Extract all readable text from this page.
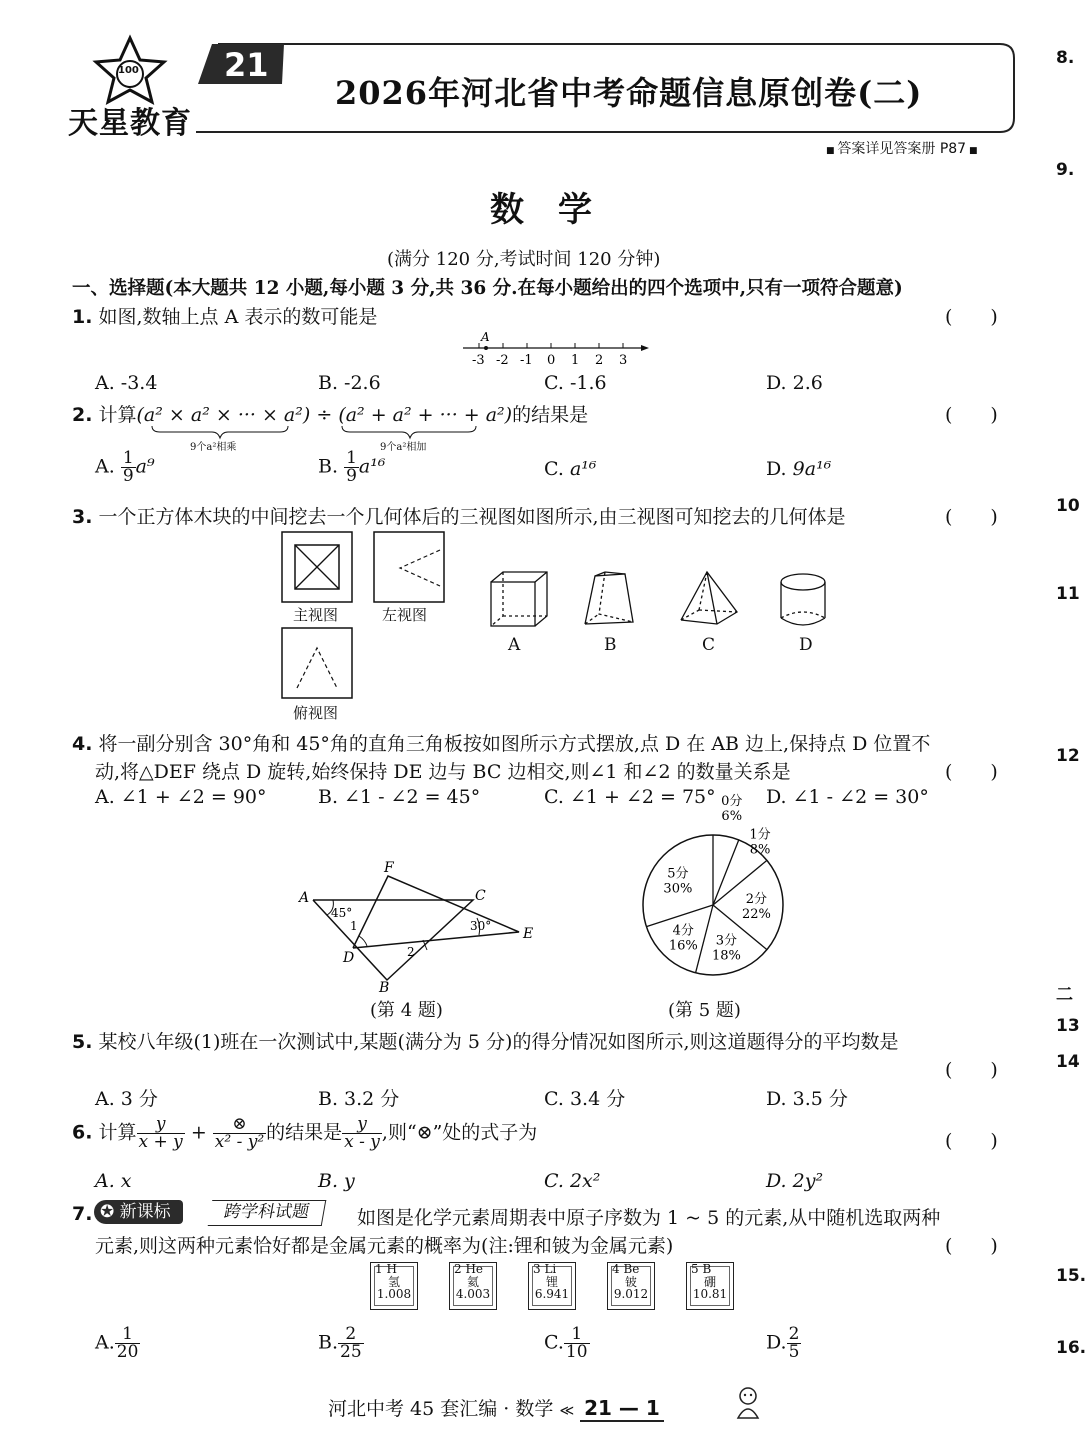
100
天星教育
21
2026年河北省中考命题信息原创卷(二)
■ 答案详见答案册 P87 ■
数　学
(满分 120 分,考试时间 120 分钟)
一、选择题(本大题共 12 小题,每小题 3 分,共 36 分.在每小题给出的四个选项中,只有一项符合题意)
1. 如图,数轴上点 A 表示的数可能是	(　　)
A
-3 -2 -1 0 1 2 3
A. -3.4	B. -2.6	C. -1.6	D. 2.6
2. 计算(a² × a² × ··· × a²) ÷ (a² + a² + ··· + a²)的结果是	(　　)
9个a²相乘	9个a²相加
A. $\frac{1}{9} a^9$	B. $\frac{1}{9} a^{16}$	C. a¹⁶	D. 9a¹⁶
3. 一个正方体木块的中间挖去一个几何体后的三视图如图所示,由三视图可知挖去的几何体是	(　　)
主视图	左视图
俯视图
A	B	C	D
4. 将一副分别含 30°角和 45°角的直角三角板按如图所示方式摆放,点 D 在 AB 边上,保持点 D 位置不
动,将△DEF 绕点 D 旋转,始终保持 DE 边与 BC 边相交,则∠1 和∠2 的数量关系是	(　　)
A. ∠1 + ∠2 = 90°	B. ∠1 - ∠2 = 45°	C. ∠1 + ∠2 = 75°	D. ∠1 - ∠2 = 30°
A
F
C
E
D
B
45°
30°
1
2
(第 4 题)
0分
6%
1分
8%
2分
22%
3分
18%
4分
16%
5分
30%
(第 5 题)
5. 某校八年级(1)班在一次测试中,某题(满分为 5 分)的得分情况如图所示,则这道题得分的平均数是
(　　)
A. 3 分	B. 3.2 分	C. 3.4 分	D. 3.5 分
6. 计算 $\frac{y}{x + y} + \frac{\otimes}{\text{x² - y²}}$ 的结果是 $\frac{y}{x - y}$ ,则“⊗”处的式子为	(　　)
A. x	B. y	C. 2x²	D. 2y²
7. ✪ 新课标	跨学科试题	如图是化学元素周期表中原子序数为 1 ~ 5 的元素,从中随机选取两种
元素,则这两种元素恰好都是金属元素的概率为(注:锂和铍为金属元素)	(　　)
1 H
氢
1.008
2 He
氦
4.003
3 Li
锂
6.941
4 Be
铍
9.012
5 B
硼
10.81
A. $\frac{1}{20}$	B. $\frac{2}{25}$	C. $\frac{1}{10}$	D. $\frac{2}{5}$
河北中考 45 套汇编 · 数学 ≪ 21 — 1
8.
9.
10
11
12
二
13
14
15.
16.
